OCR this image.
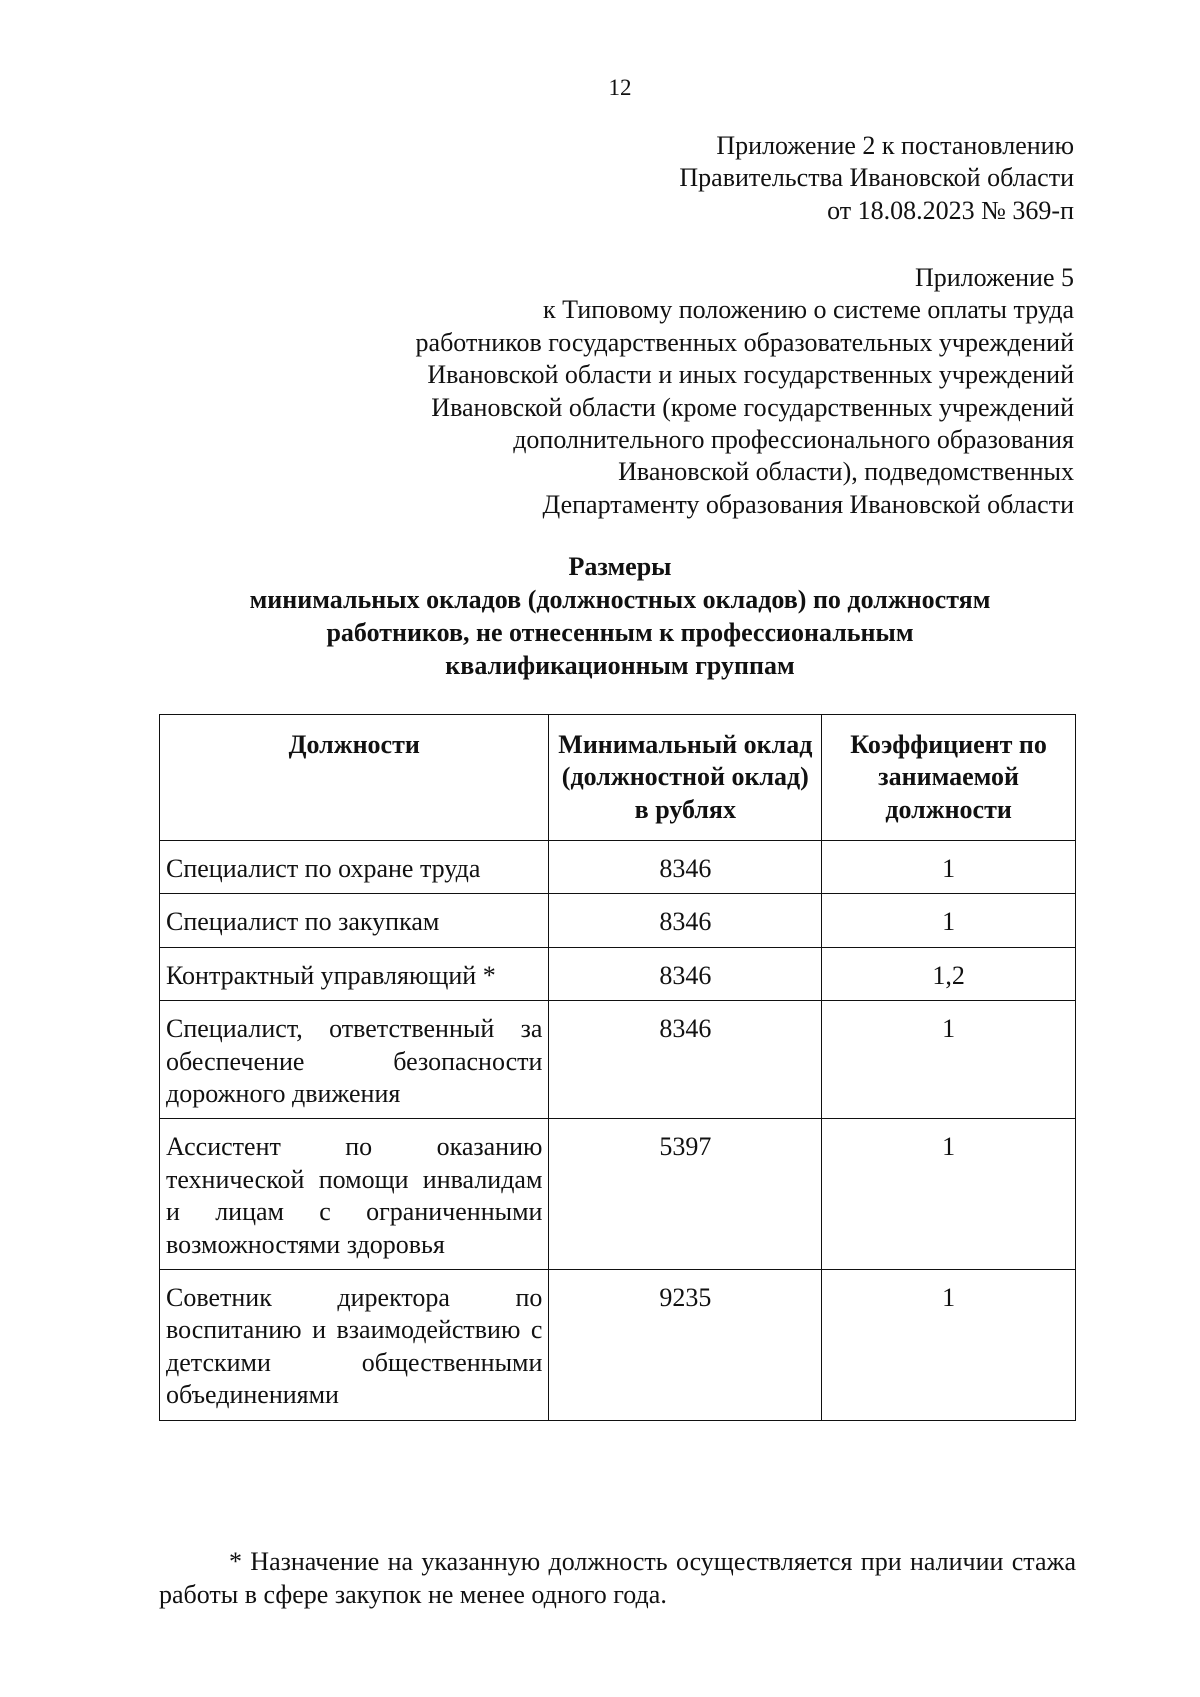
12
Приложение 2 к постановлению
Правительства Ивановской области
от 18.08.2023 № 369-п
Приложение 5
к Типовому положению о системе оплаты труда
работников государственных образовательных учреждений
Ивановской области и иных государственных учреждений
Ивановской области (кроме государственных учреждений
дополнительного профессионального образования
Ивановской области), подведомственных
Департаменту образования Ивановской области
Размеры
минимальных окладов (должностных окладов) по должностям
работников, не отнесенным к профессиональным
квалификационным группам
Должности	Минимальный оклад (должностной оклад) в рублях	Коэффициент по занимаемой должности
Специалист по охране труда	8346	1
Специалист по закупкам	8346	1
Контрактный управляющий *	8346	1,2
Специалист, ответственный за обеспечение безопасности дорожного движения	8346	1
Ассистент по оказанию технической помощи инвалидам и лицам с ограниченными возможностями здоровья	5397	1
Советник директора по воспитанию и взаимодействию с детскими общественными объединениями	9235	1
* Назначение на указанную должность осуществляется при наличии стажа работы в сфере закупок не менее одного года.
